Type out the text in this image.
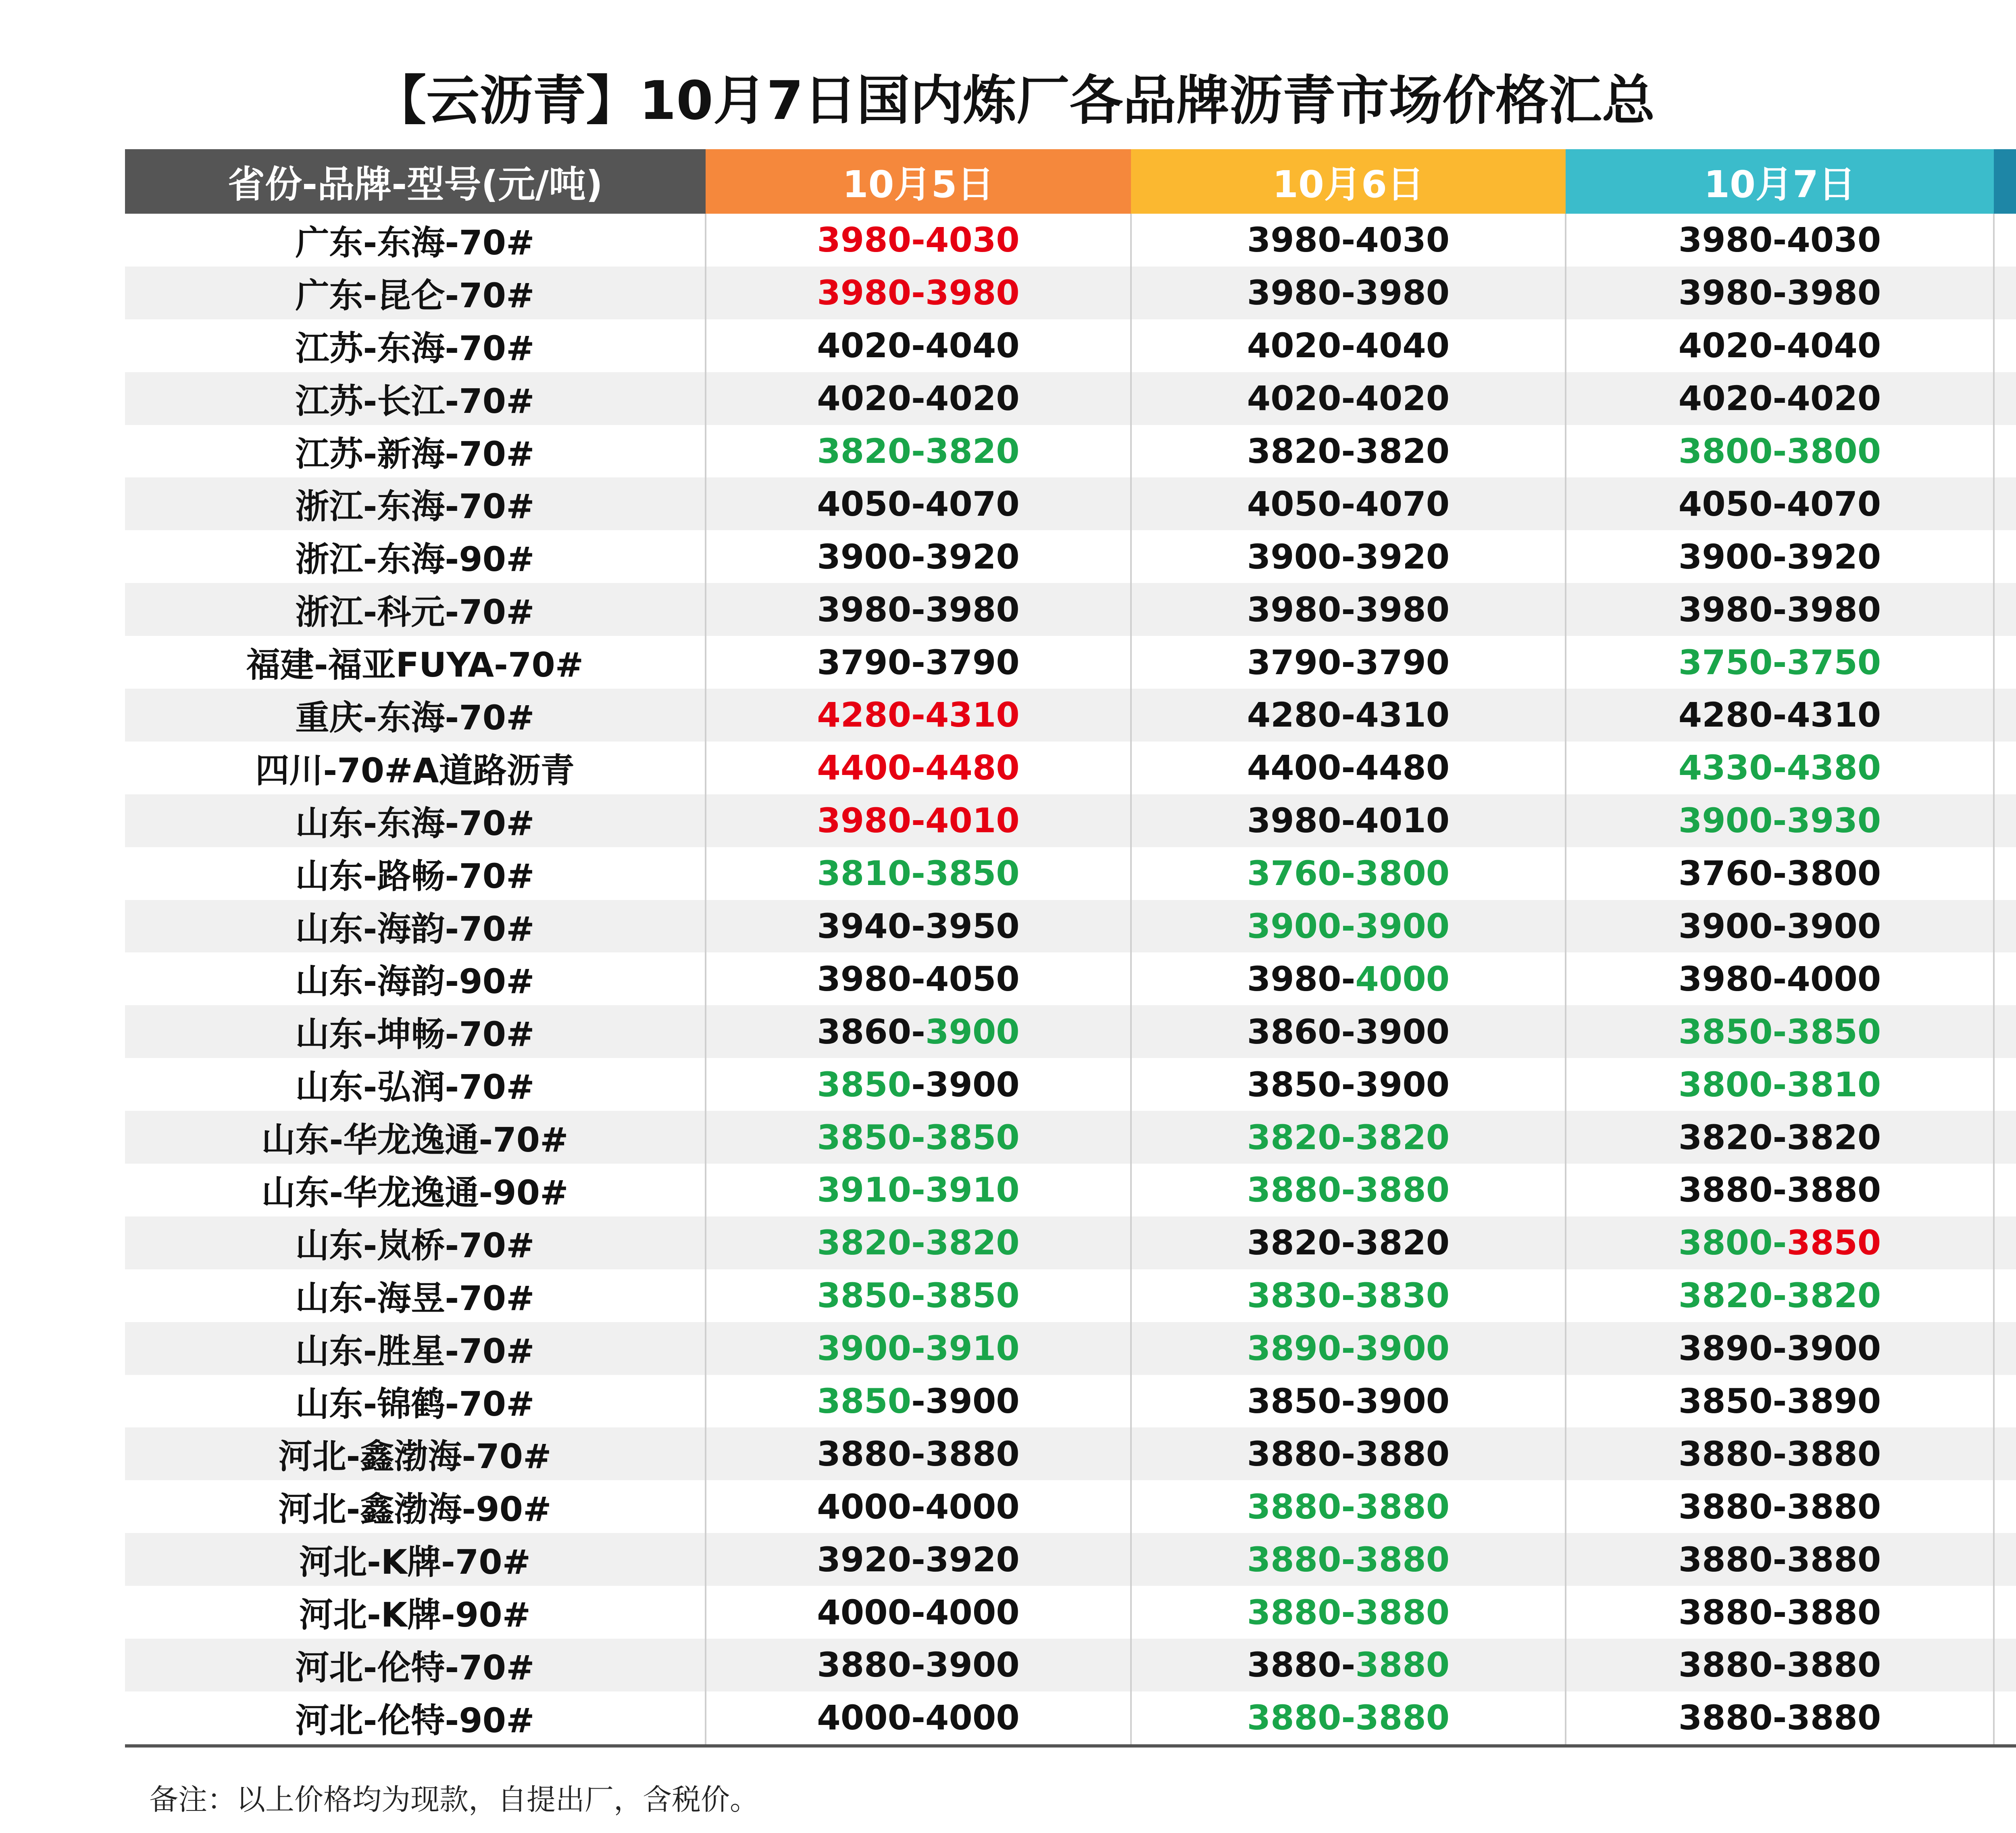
【云沥青】10月7日国内炼厂各品牌沥青市场价格汇总
省份-品牌-型号(元/吨)	10月5日	10月6日	10月7日	
广东-东海-70#	3980-4030	3980-4030	3980-4030	
广东-昆仑-70#	3980-3980	3980-3980	3980-3980	
江苏-东海-70#	4020-4040	4020-4040	4020-4040	
江苏-长江-70#	4020-4020	4020-4020	4020-4020	
江苏-新海-70#	3820-3820	3820-3820	3800-3800	
浙江-东海-70#	4050-4070	4050-4070	4050-4070	
浙江-东海-90#	3900-3920	3900-3920	3900-3920	
浙江-科元-70#	3980-3980	3980-3980	3980-3980	
福建-福亚FUYA-70#	3790-3790	3790-3790	3750-3750	
重庆-东海-70#	4280-4310	4280-4310	4280-4310	
四川-70#A道路沥青	4400-4480	4400-4480	4330-4380	
山东-东海-70#	3980-4010	3980-4010	3900-3930	
山东-路畅-70#	3810-3850	3760-3800	3760-3800	
山东-海韵-70#	3940-3950	3900-3900	3900-3900	
山东-海韵-90#	3980-4050	3980-4000	3980-4000	
山东-坤畅-70#	3860-3900	3860-3900	3850-3850	
山东-弘润-70#	3850-3900	3850-3900	3800-3810	
山东-华龙逸通-70#	3850-3850	3820-3820	3820-3820	
山东-华龙逸通-90#	3910-3910	3880-3880	3880-3880	
山东-岚桥-70#	3820-3820	3820-3820	3800-3850	
山东-海昱-70#	3850-3850	3830-3830	3820-3820	
山东-胜星-70#	3900-3910	3890-3900	3890-3900	
山东-锦鹤-70#	3850-3900	3850-3900	3850-3890	
河北-鑫渤海-70#	3880-3880	3880-3880	3880-3880	
河北-鑫渤海-90#	4000-4000	3880-3880	3880-3880	
河北-K牌-70#	3920-3920	3880-3880	3880-3880	
河北-K牌-90#	4000-4000	3880-3880	3880-3880	
河北-伦特-70#	3880-3900	3880-3880	3880-3880	
河北-伦特-90#	4000-4000	3880-3880	3880-3880	
备注：以上价格均为现款，自提出厂，含税价。
